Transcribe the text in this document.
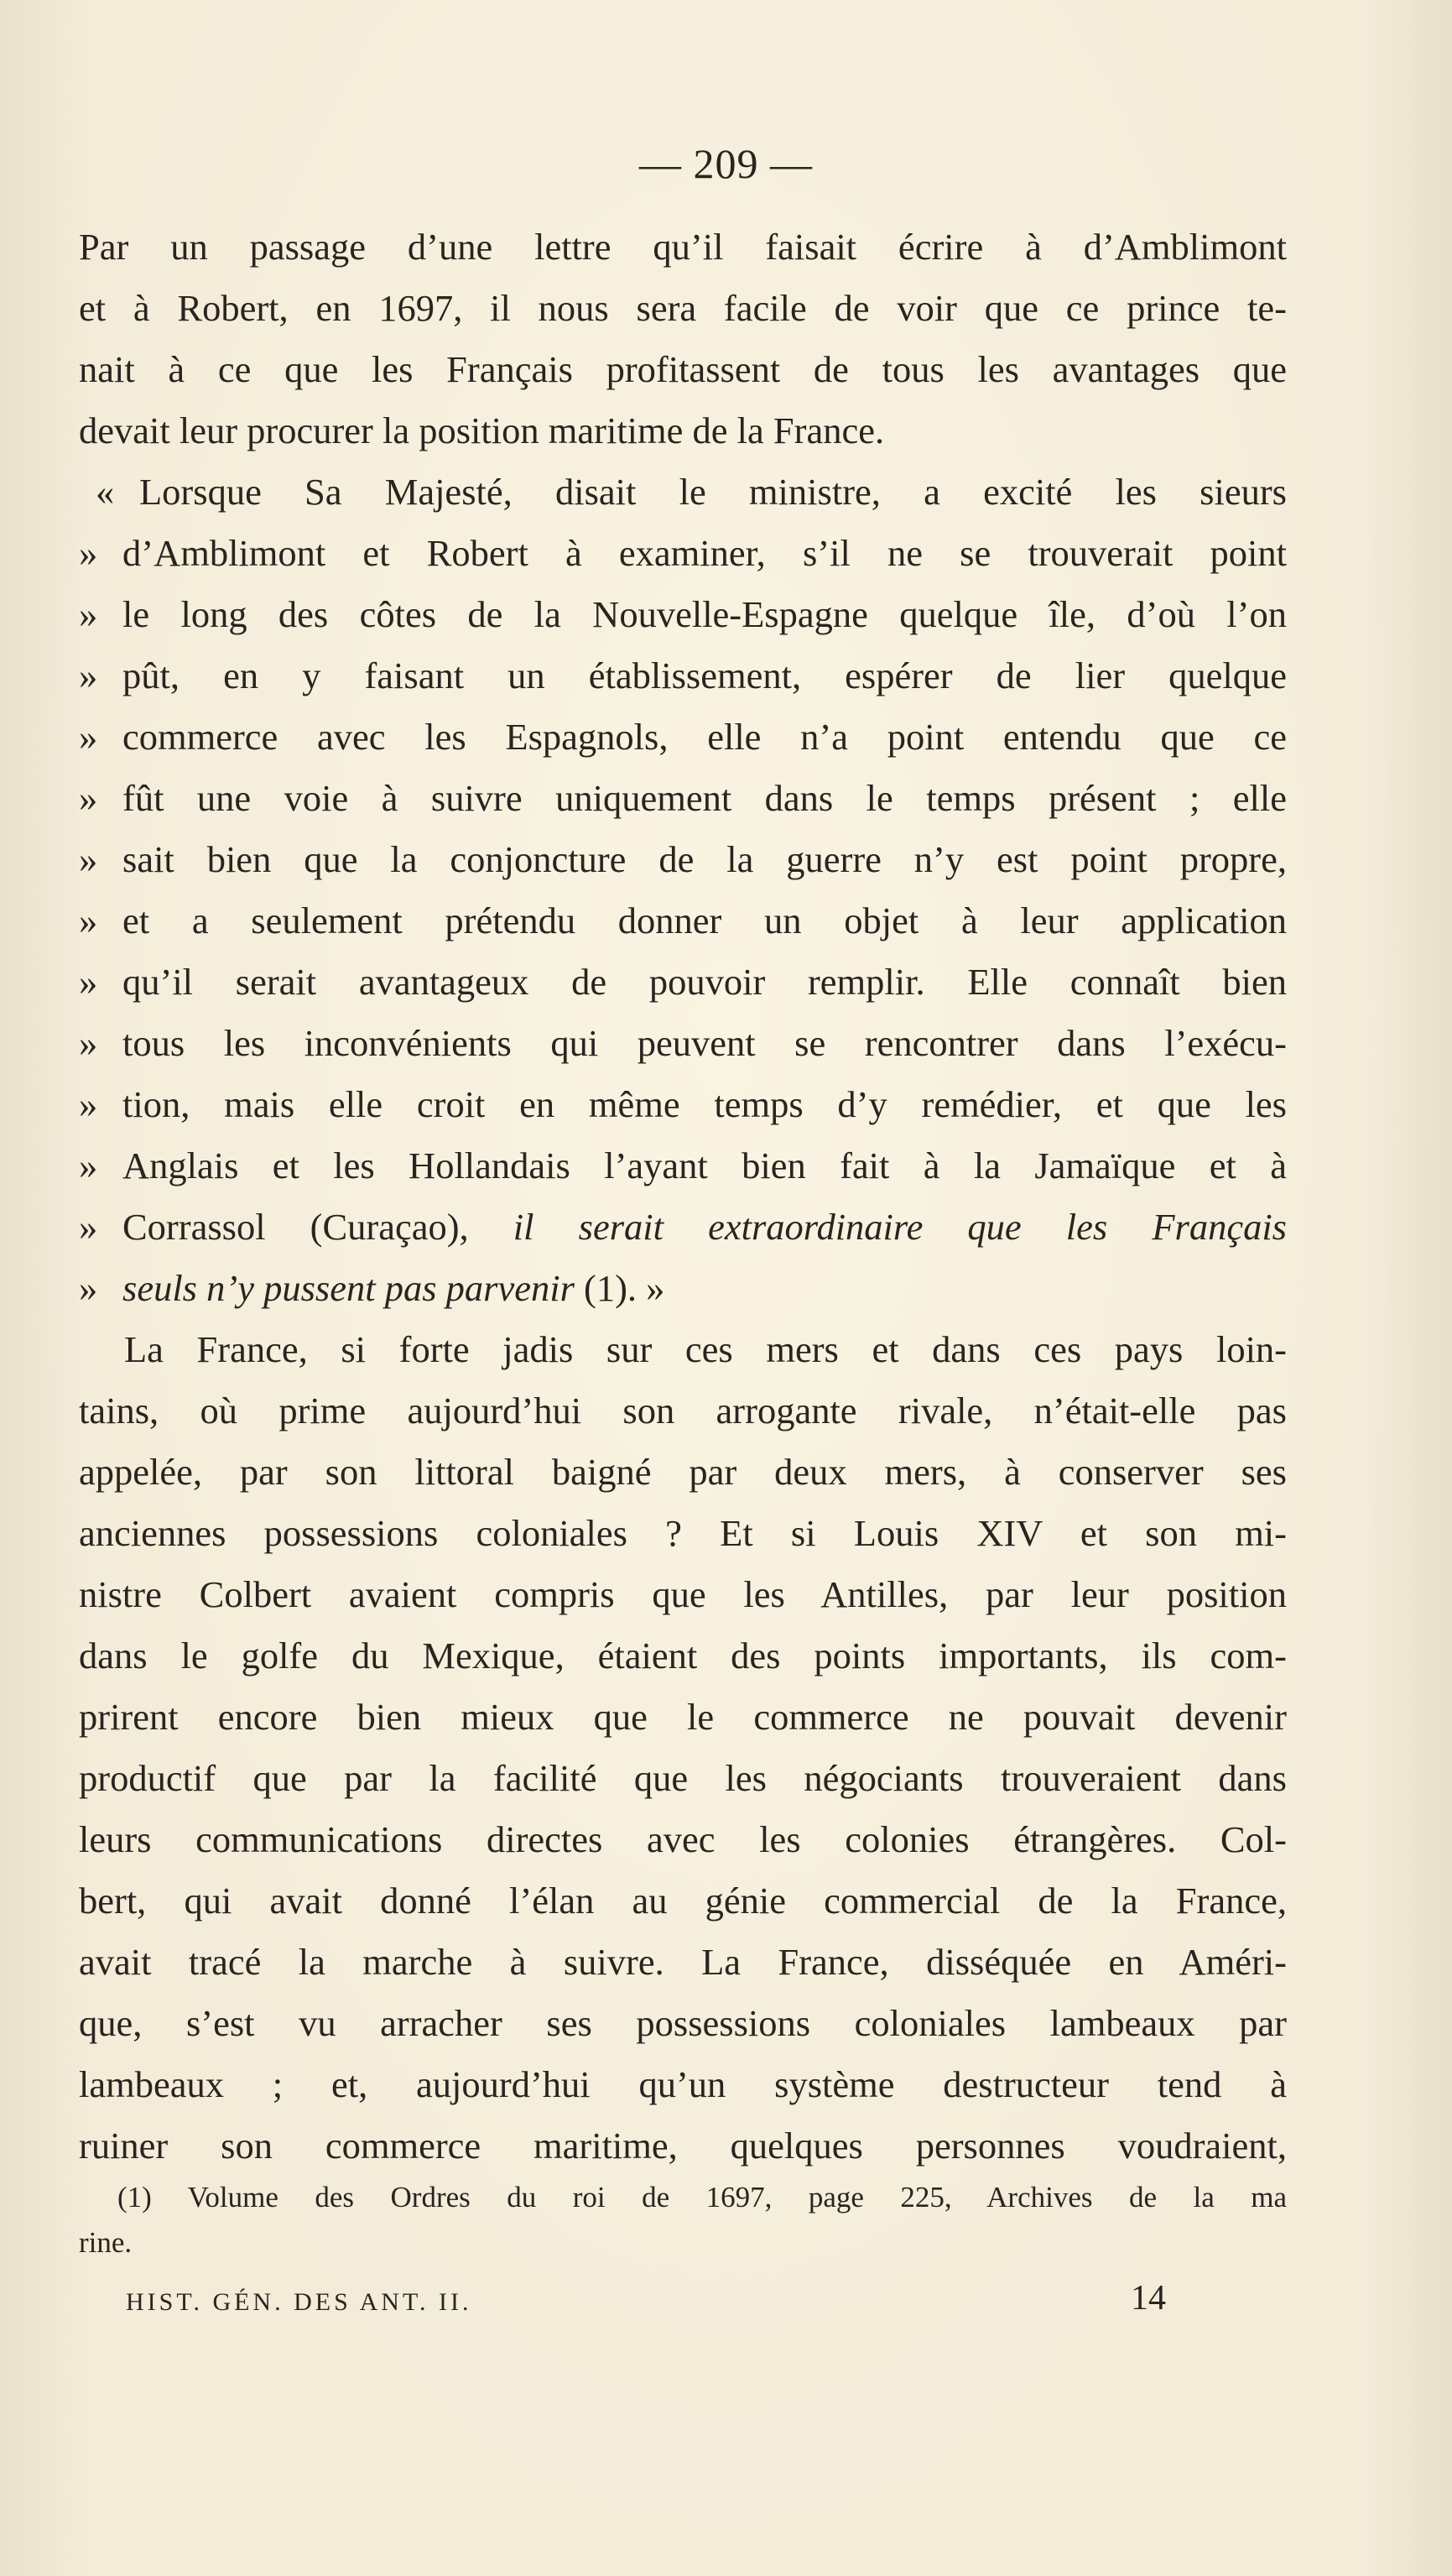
— 209 —
Par un passage d’une lettre qu’il faisait écrire à d’Amblimont
et à Robert, en 1697, il nous sera facile de voir que ce prince te-
nait à ce que les Français profitassent de tous les avantages que
devait leur procurer la position maritime de la France.
« Lorsque Sa Majesté, disait le ministre, a excité les sieurs
» d’Amblimont et Robert à examiner, s’il ne se trouverait point
» le long des côtes de la Nouvelle-Espagne quelque île, d’où l’on
» pût, en y faisant un établissement, espérer de lier quelque
» commerce avec les Espagnols, elle n’a point entendu que ce
» fût une voie à suivre uniquement dans le temps présent ; elle
» sait bien que la conjoncture de la guerre n’y est point propre,
» et a seulement prétendu donner un objet à leur application
» qu’il serait avantageux de pouvoir remplir. Elle connaît bien
» tous les inconvénients qui peuvent se rencontrer dans l’exécu-
» tion, mais elle croit en même temps d’y remédier, et que les
» Anglais et les Hollandais l’ayant bien fait à la Jamaïque et à
» Corrassol (Curaçao), il serait extraordinaire que les Français
» seuls n’y pussent pas parvenir (1). »
La France, si forte jadis sur ces mers et dans ces pays loin-
tains, où prime aujourd’hui son arrogante rivale, n’était-elle pas
appelée, par son littoral baigné par deux mers, à conserver ses
anciennes possessions coloniales ? Et si Louis XIV et son mi-
nistre Colbert avaient compris que les Antilles, par leur position
dans le golfe du Mexique, étaient des points importants, ils com-
prirent encore bien mieux que le commerce ne pouvait devenir
productif que par la facilité que les négociants trouveraient dans
leurs communications directes avec les colonies étrangères. Col-
bert, qui avait donné l’élan au génie commercial de la France,
avait tracé la marche à suivre. La France, disséquée en Améri-
que, s’est vu arracher ses possessions coloniales lambeaux par
lambeaux ; et, aujourd’hui qu’un système destructeur tend à
ruiner son commerce maritime, quelques personnes voudraient,
(1) Volume des Ordres du roi de 1697, page 225, Archives de la ma
rine.
HIST. GÉN. DES ANT. II.	14
